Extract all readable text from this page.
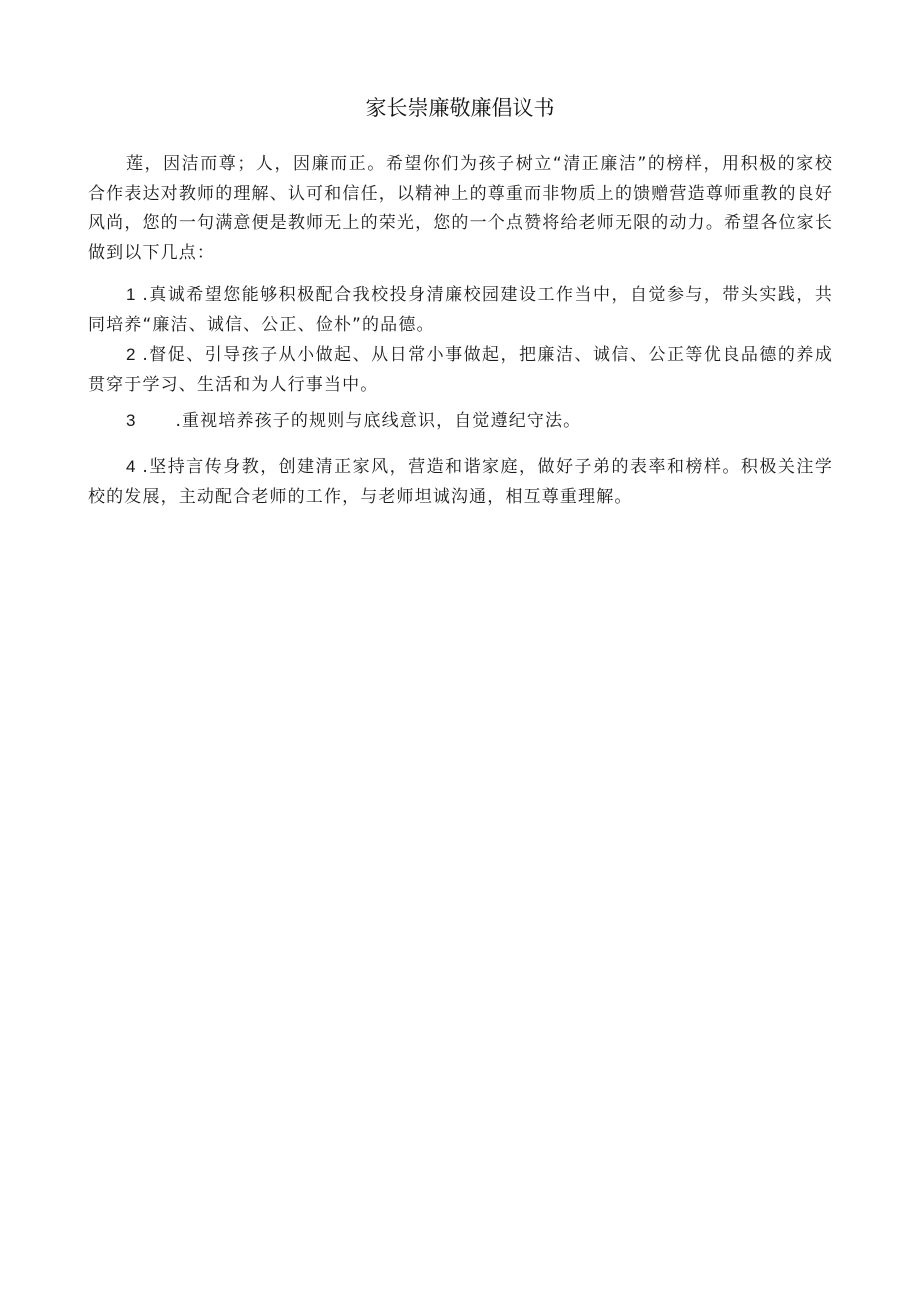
家长崇廉敬廉倡议书

莲，因洁而尊；人，因廉而正。希望你们为孩子树立“清正廉洁”的榜样，用积极的家校合作表达对教师的理解、认可和信任，以精神上的尊重而非物质上的馈赠营造尊师重教的良好风尚，您的一句满意便是教师无上的荣光，您的一个点赞将给老师无限的动力。希望各位家长做到以下几点：

1 .真诚希望您能够积极配合我校投身清廉校园建设工作当中，自觉参与，带头实践，共同培养“廉洁、诚信、公正、俭朴”的品德。

2 .督促、引导孩子从小做起、从日常小事做起，把廉洁、诚信、公正等优良品德的养成贯穿于学习、生活和为人行事当中。

3 .重视培养孩子的规则与底线意识，自觉遵纪守法。

4 .坚持言传身教，创建清正家风，营造和谐家庭，做好子弟的表率和榜样。积极关注学校的发展，主动配合老师的工作，与老师坦诚沟通，相互尊重理解。
